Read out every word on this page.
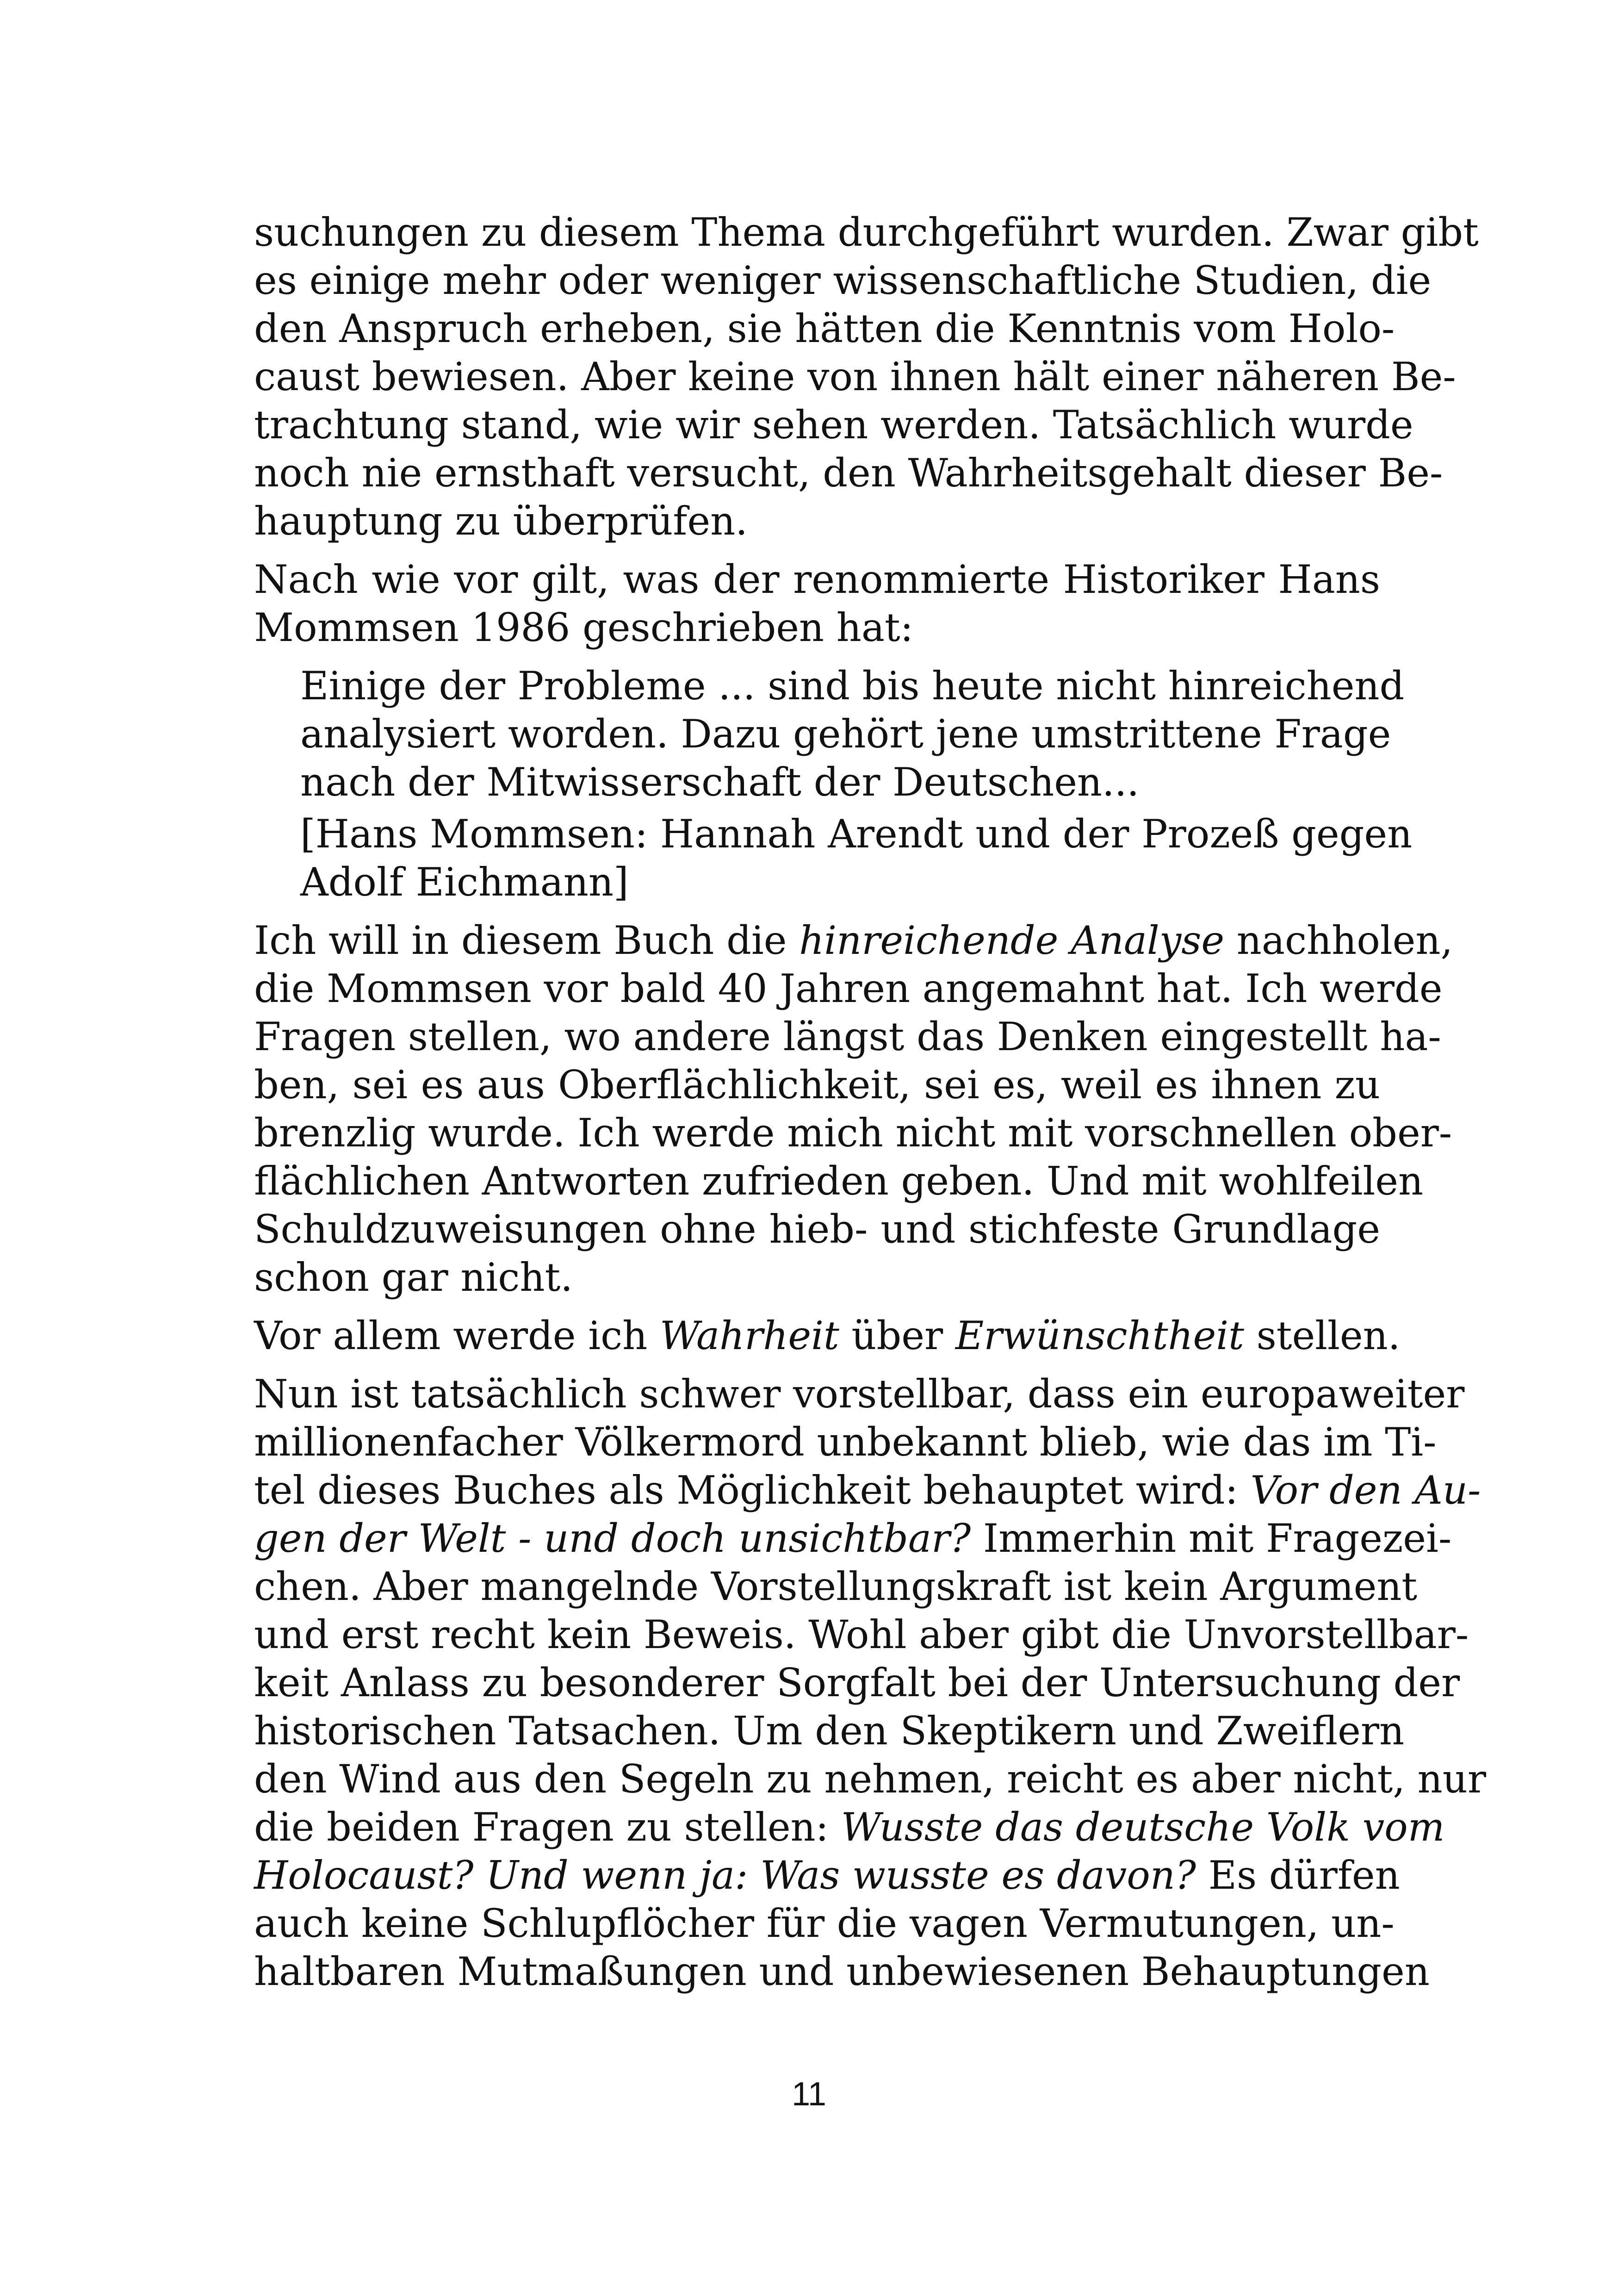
suchungen zu diesem Thema durchgeführt wurden. Zwar gibt
es einige mehr oder weniger wissenschaftliche Studien, die
den Anspruch erheben, sie hätten die Kenntnis vom Holo-
caust bewiesen. Aber keine von ihnen hält einer näheren Be-
trachtung stand, wie wir sehen werden. Tatsächlich wurde
noch nie ernsthaft versucht, den Wahrheitsgehalt dieser Be-
hauptung zu überprüfen.
Nach wie vor gilt, was der renommierte Historiker Hans
Mommsen 1986 geschrieben hat:
Einige der Probleme ... sind bis heute nicht hinreichend
analysiert worden. Dazu gehört jene umstrittene Frage
nach der Mitwisserschaft der Deutschen...
[Hans Mommsen: Hannah Arendt und der Prozeß gegen
Adolf Eichmann]
Ich will in diesem Buch die hinreichende Analyse nachholen,
die Mommsen vor bald 40 Jahren angemahnt hat. Ich werde
Fragen stellen, wo andere längst das Denken eingestellt ha-
ben, sei es aus Oberflächlichkeit, sei es, weil es ihnen zu
brenzlig wurde. Ich werde mich nicht mit vorschnellen ober-
flächlichen Antworten zufrieden geben. Und mit wohlfeilen
Schuldzuweisungen ohne hieb- und stichfeste Grundlage
schon gar nicht.
Vor allem werde ich Wahrheit über Erwünschtheit stellen.
Nun ist tatsächlich schwer vorstellbar, dass ein europaweiter
millionenfacher Völkermord unbekannt blieb, wie das im Ti-
tel dieses Buches als Möglichkeit behauptet wird: Vor den Au-
gen der Welt - und doch unsichtbar? Immerhin mit Fragezei-
chen. Aber mangelnde Vorstellungskraft ist kein Argument
und erst recht kein Beweis. Wohl aber gibt die Unvorstellbar-
keit Anlass zu besonderer Sorgfalt bei der Untersuchung der
historischen Tatsachen. Um den Skeptikern und Zweiflern
den Wind aus den Segeln zu nehmen, reicht es aber nicht, nur
die beiden Fragen zu stellen: Wusste das deutsche Volk vom
Holocaust? Und wenn ja: Was wusste es davon? Es dürfen
auch keine Schlupflöcher für die vagen Vermutungen, un-
haltbaren Mutmaßungen und unbewiesenen Behauptungen
11
